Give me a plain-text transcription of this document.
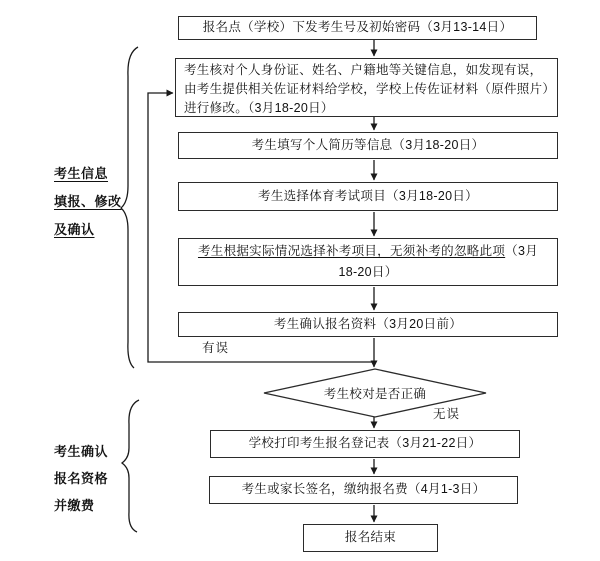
报名点（学校）下发考生号及初始密码（3月13-14日）
考生核对个人身份证、姓名、户籍地等关键信息，如发现有误，由考生提供相关佐证材料给学校，学校上传佐证材料（原件照片）进行修改。（3月18-20日）
考生填写个人简历等信息（3月18-20日）
考生选择体育考试项目（3月18-20日）
考生根据实际情况选择补考项目，无须补考的忽略此项（3月18-20日）
考生确认报名资料（3月20日前）
考生校对是否正确
学校打印考生报名登记表（3月21-22日）
考生或家长签名，缴纳报名费（4月1-3日）
报名结束
考生信息
填报、修改
及确认
考生确认
报名资格
并缴费
有误
无误
